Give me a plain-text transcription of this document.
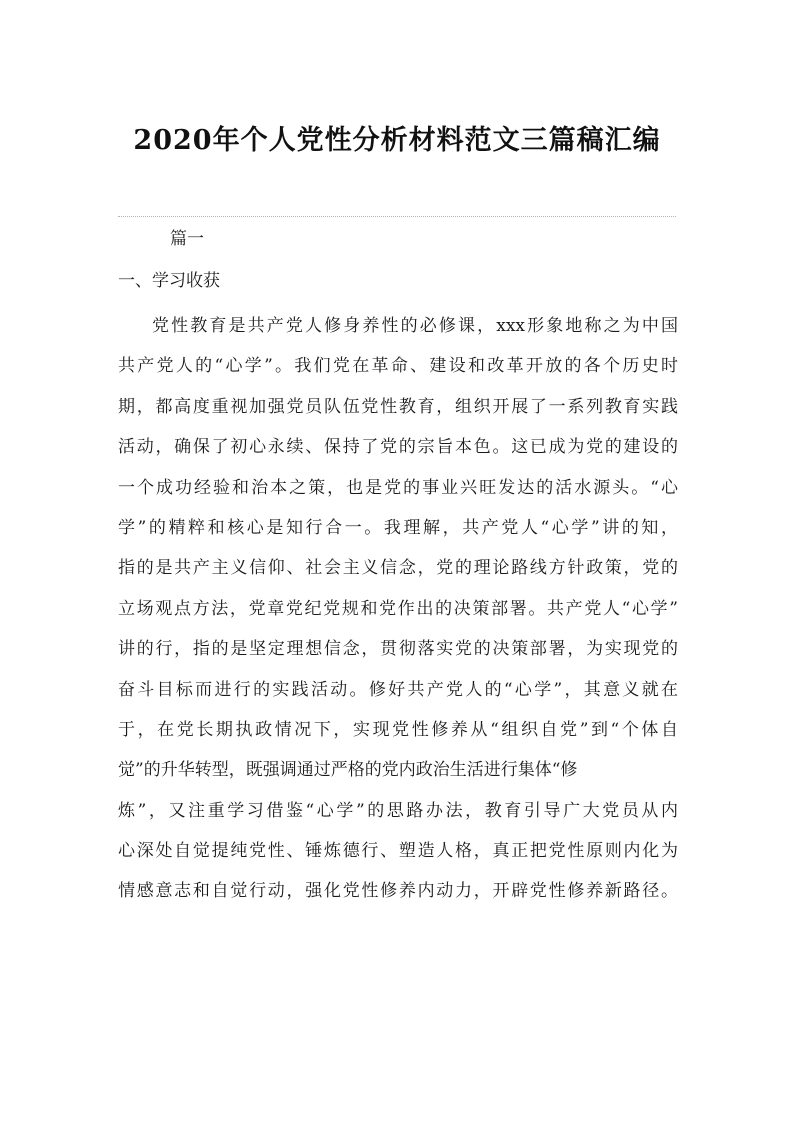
2020年个人党性分析材料范文三篇稿汇编
篇一
一、学习收获
党性教育是共产党人修身养性的必修课，xxx形象地称之为中国
共产党人的“心学”。我们党在革命、建设和改革开放的各个历史时
期，都高度重视加强党员队伍党性教育，组织开展了一系列教育实践
活动，确保了初心永续、保持了党的宗旨本色。这已成为党的建设的
一个成功经验和治本之策，也是党的事业兴旺发达的活水源头。“心
学”的精粹和核心是知行合一。我理解，共产党人“心学”讲的知，
指的是共产主义信仰、社会主义信念，党的理论路线方针政策，党的
立场观点方法，党章党纪党规和党作出的决策部署。共产党人“心学”
讲的行，指的是坚定理想信念，贯彻落实党的决策部署，为实现党的
奋斗目标而进行的实践活动。修好共产党人的“心学”，其意义就在
于，在党长期执政情况下，实现党性修养从“组织自党”到“个体自
觉”的升华转型，既强调通过严格的党内政治生活进行集体“修
炼”，又注重学习借鉴“心学”的思路办法，教育引导广大党员从内
心深处自觉提纯党性、锤炼德行、塑造人格，真正把党性原则内化为
情感意志和自觉行动，强化党性修养内动力，开辟党性修养新路径。
